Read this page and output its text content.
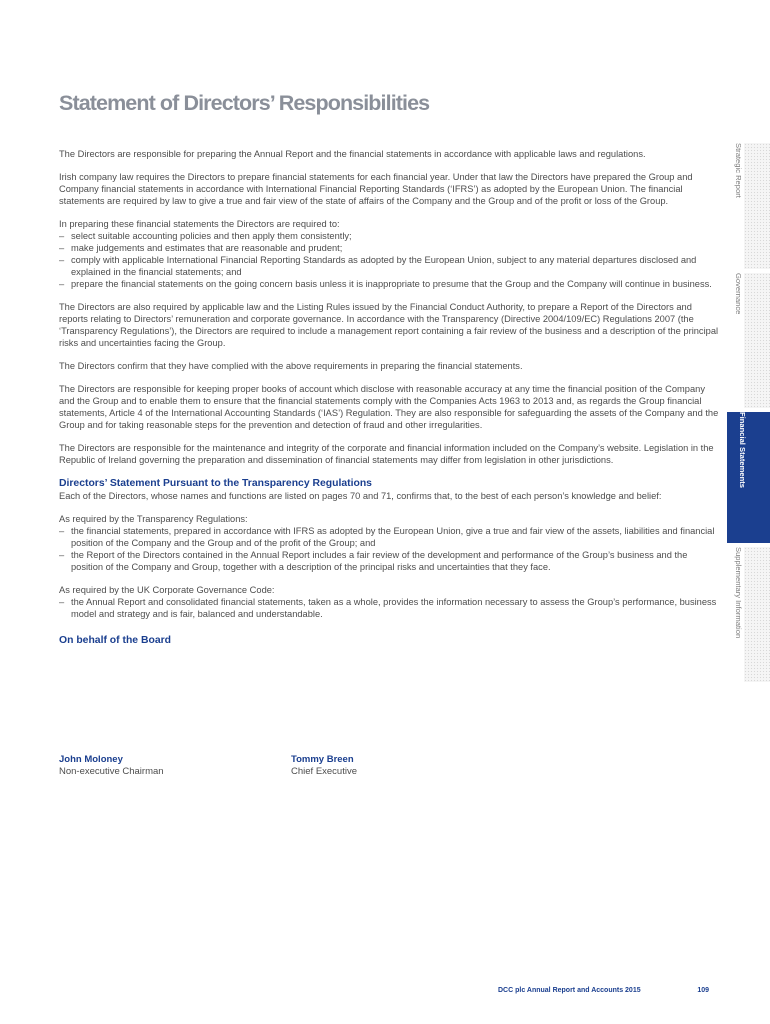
Statement of Directors’ Responsibilities

The Directors are responsible for preparing the Annual Report and the financial statements in accordance with applicable laws and regulations.

Irish company law requires the Directors to prepare financial statements for each financial year. Under that law the Directors have prepared the Group and Company financial statements in accordance with International Financial Reporting Standards (‘IFRS’) as adopted by the European Union. The financial statements are required by law to give a true and fair view of the state of affairs of the Company and the Group and of the profit or loss of the Group.

In preparing these financial statements the Directors are required to:

– select suitable accounting policies and then apply them consistently;
– make judgements and estimates that are reasonable and prudent;
– comply with applicable International Financial Reporting Standards as adopted by the European Union, subject to any material departures disclosed and explained in the financial statements; and
– prepare the financial statements on the going concern basis unless it is inappropriate to presume that the Group and the Company will continue in business.

The Directors are also required by applicable law and the Listing Rules issued by the Financial Conduct Authority, to prepare a Report of the Directors and reports relating to Directors’ remuneration and corporate governance. In accordance with the Transparency (Directive 2004/109/EC) Regulations 2007 (the ‘Transparency Regulations’), the Directors are required to include a management report containing a fair review of the business and a description of the principal risks and uncertainties facing the Group.

The Directors confirm that they have complied with the above requirements in preparing the financial statements.

The Directors are responsible for keeping proper books of account which disclose with reasonable accuracy at any time the financial position of the Company and the Group and to enable them to ensure that the financial statements comply with the Companies Acts 1963 to 2013 and, as regards the Group financial statements, Article 4 of the International Accounting Standards (‘IAS’) Regulation. They are also responsible for safeguarding the assets of the Company and the Group and for taking reasonable steps for the prevention and detection of fraud and other irregularities.

The Directors are responsible for the maintenance and integrity of the corporate and financial information included on the Company’s website. Legislation in the Republic of Ireland governing the preparation and dissemination of financial statements may differ from legislation in other jurisdictions.

Directors’ Statement Pursuant to the Transparency Regulations

Each of the Directors, whose names and functions are listed on pages 70 and 71, confirms that, to the best of each person’s knowledge and belief:

As required by the Transparency Regulations:

– the financial statements, prepared in accordance with IFRS as adopted by the European Union, give a true and fair view of the assets, liabilities and financial position of the Company and the Group and of the profit of the Group; and
– the Report of the Directors contained in the Annual Report includes a fair review of the development and performance of the Group’s business and the position of the Company and Group, together with a description of the principal risks and uncertainties that they face.

As required by the UK Corporate Governance Code:

– the Annual Report and consolidated financial statements, taken as a whole, provides the information necessary to assess the Group’s performance, business model and strategy and is fair, balanced and understandable.
On behalf of the Board
John Moloney
Non-executive Chairman
Tommy Breen
Chief Executive
Strategic Report
Governance
Financial Statements
Supplementary Information
DCC plc Annual Report and Accounts 2015	109
